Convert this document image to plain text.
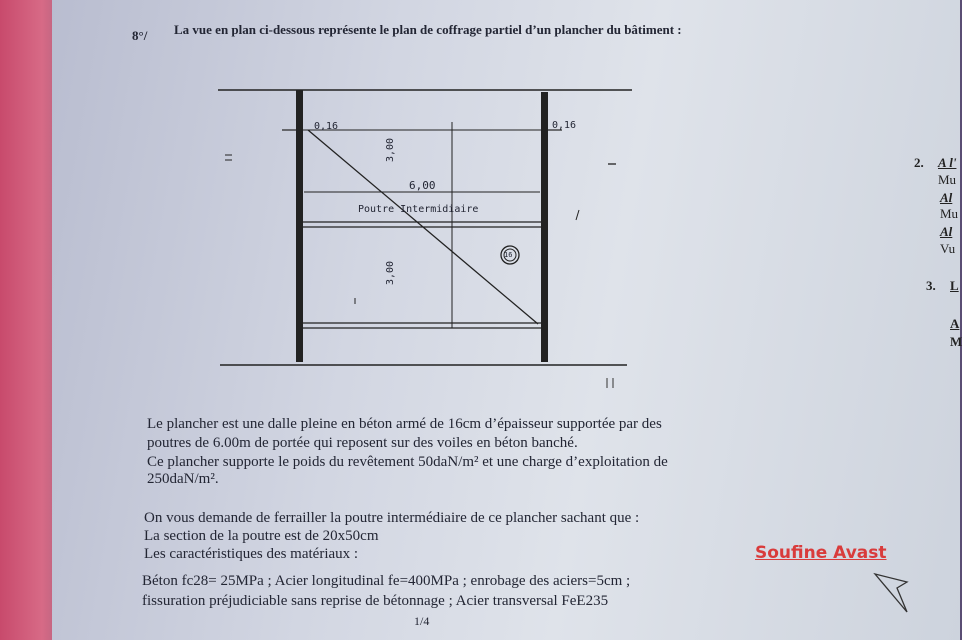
8°/ La vue en plan ci-dessous représente le plan de coffrage partiel d’un plancher du bâtiment :
0,16	0,16
6,00
3,00
3,00
Poutre Intermidiaire
16
Le plancher est une dalle pleine en béton armé de 16cm d’épaisseur supportée par des
poutres de 6.00m de portée qui reposent sur des voiles en béton banché.
Ce plancher supporte le poids du revêtement 50daN/m² et une charge d’exploitation de
250daN/m².
On vous demande de ferrailler la poutre intermédiaire de ce plancher sachant que :
La section de la poutre est de 20x50cm
Les caractéristiques des matériaux :
Béton fc28= 25MPa ; Acier longitudinal fe=400MPa ; enrobage des aciers=5cm ;
fissuration préjudiciable sans reprise de bétonnage ; Acier transversal FeE235
1/4
2. A l'
Mu
Al
Mu
Al
Vu
3. L
A
M
Soufine Avast
